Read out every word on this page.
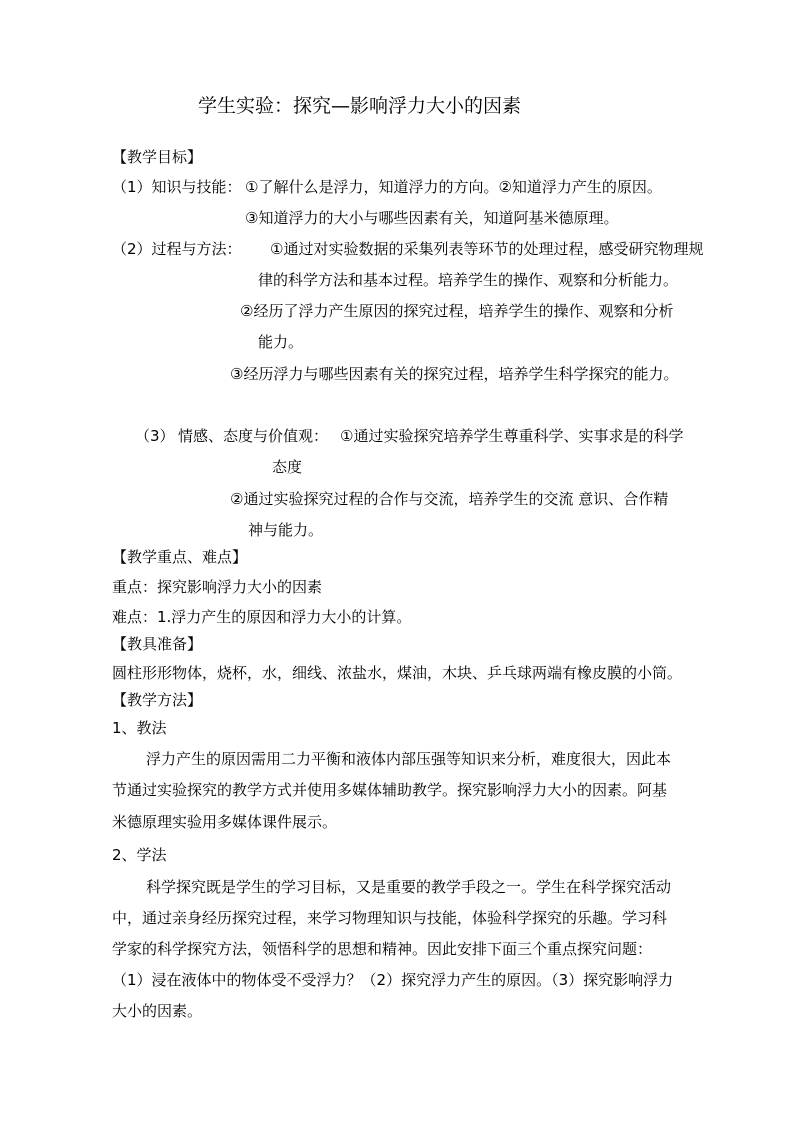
学生实验：探究—影响浮力大小的因素
【教学目标】
（1）知识与技能： ①了解什么是浮力，知道浮力的方向。②知道浮力产生的原因。
③知道浮力的大小与哪些因素有关，知道阿基米德原理。
（2）过程与方法： ①通过对实验数据的采集列表等环节的处理过程，感受研究物理规
律的科学方法和基本过程。培养学生的操作、观察和分析能力。
②经历了浮力产生原因的探究过程，培养学生的操作、观察和分析
能力。
③经历浮力与哪些因素有关的探究过程，培养学生科学探究的能力。
（3） 情感、态度与价值观： ①通过实验探究培养学生尊重科学、实事求是的科学
态度
②通过实验探究过程的合作与交流，培养学生的交流 意识、合作精
神与能力。
【教学重点、难点】
重点：探究影响浮力大小的因素
难点：1.浮力产生的原因和浮力大小的计算。
【教具准备】
圆柱形形物体，烧杯，水，细线、浓盐水，煤油，木块、乒乓球两端有橡皮膜的小筒。
【教学方法】
1、教法
浮力产生的原因需用二力平衡和液体内部压强等知识来分析，难度很大，因此本
节通过实验探究的教学方式并使用多媒体辅助教学。探究影响浮力大小的因素。阿基
米德原理实验用多媒体课件展示。
2、学法
科学探究既是学生的学习目标，又是重要的教学手段之一。学生在科学探究活动
中，通过亲身经历探究过程，来学习物理知识与技能，体验科学探究的乐趣。学习科
学家的科学探究方法，领悟科学的思想和精神。因此安排下面三个重点探究问题：
（1）浸在液体中的物体受不受浮力？（2）探究浮力产生的原因。（3）探究影响浮力
大小的因素。
